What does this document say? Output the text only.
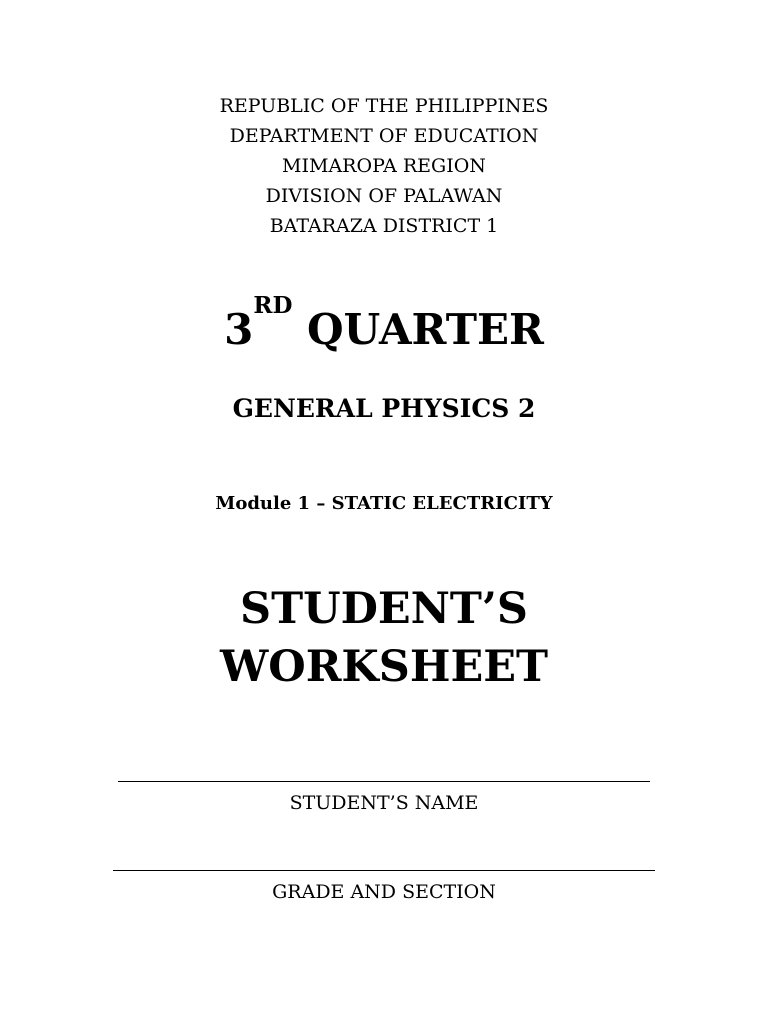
REPUBLIC OF THE PHILIPPINES
DEPARTMENT OF EDUCATION
MIMAROPA REGION
DIVISION OF PALAWAN
BATARAZA DISTRICT 1
3RD QUARTER
GENERAL PHYSICS 2
Module 1 – STATIC ELECTRICITY
STUDENT’S
WORKSHEET
STUDENT’S NAME
GRADE AND SECTION
